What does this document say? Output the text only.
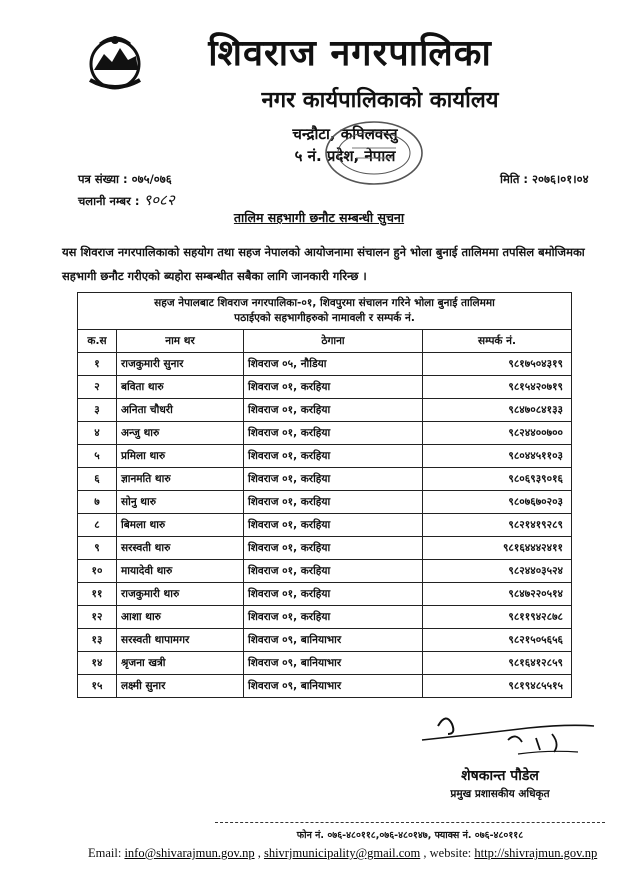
शिवराज नगरपालिका
नगर कार्यपालिकाको कार्यालय
चन्द्रौटा, कपिलवस्तु
५ नं. प्रदेश, नेपाल
पत्र संख्या : ०७५/०७६
चलानी नम्बर : ९०८२
मिति : २०७६।०१।०४
तालिम सहभागी छनौट सम्बन्धी सुचना
यस शिवराज नगरपालिकाको सहयोग तथा सहज नेपालको आयोजनामा संचालन हुने भोला बुनाई तालिममा तपसिल बमोजिमका सहभागी छनौट गरीएको ब्यहोरा सम्बन्धीत सबैका लागि जानकारी गरिन्छ ।
सहज नेपालबाट शिवराज नगरपालिका-०१, शिवपुरमा संचालन गरिने भोला बुनाई तालिममा
पठाईएको सहभागीहरुको नामावली र सम्पर्क नं.			

क.स	नाम थर	ठेगाना	सम्पर्क नं.
१	राजकुमारी सुनार	शिवराज ०५, नौडिया	९८१७५०४३१९
२	बविता थारु	शिवराज ०१, करहिया	९८१५४२०७१९
३	अनिता चौधरी	शिवराज ०१, करहिया	९८४७०८४१३३
४	अन्जु थारु	शिवराज ०१, करहिया	९८२४४००७००
५	प्रमिला थारु	शिवराज ०१, करहिया	९८०४४५११०३
६	ज्ञानमति थारु	शिवराज ०१, करहिया	९८०६९३९०१६
७	सोनु थारु	शिवराज ०१, करहिया	९८०७६७०२०३
८	बिमला थारु	शिवराज ०१, करहिया	९८२१४१९२८९
९	सरस्वती थारु	शिवराज ०१, करहिया	९८१६४४४२४११
१०	मायादेवी थारु	शिवराज ०१, करहिया	९८२४४०३५२४
११	राजकुमारी थारु	शिवराज ०१, करहिया	९८४७२२०५१४
१२	आशा थारु	शिवराज ०१, करहिया	९८११९४२८७८
१३	सरस्वती थापामगर	शिवराज ०९, बानियाभार	९८२१५०५६५६
१४	श्रृजना खत्री	शिवराज ०९, बानियाभार	९८१६४१२८५९
१५	लक्ष्मी सुनार	शिवराज ०९, बानियाभार	९८१९४८५५१५
शेषकान्त पौडेल
प्रमुख प्रशासकीय अधिकृत
फोन नं. ०७६-४८०११८,०७६-४८०१४७, फ्याक्स नं. ०७६-४८०११८
Email: info@shivarajmun.gov.np , shivrjmunicipality@gmail.com , website: http://shivrajmun.gov.np
